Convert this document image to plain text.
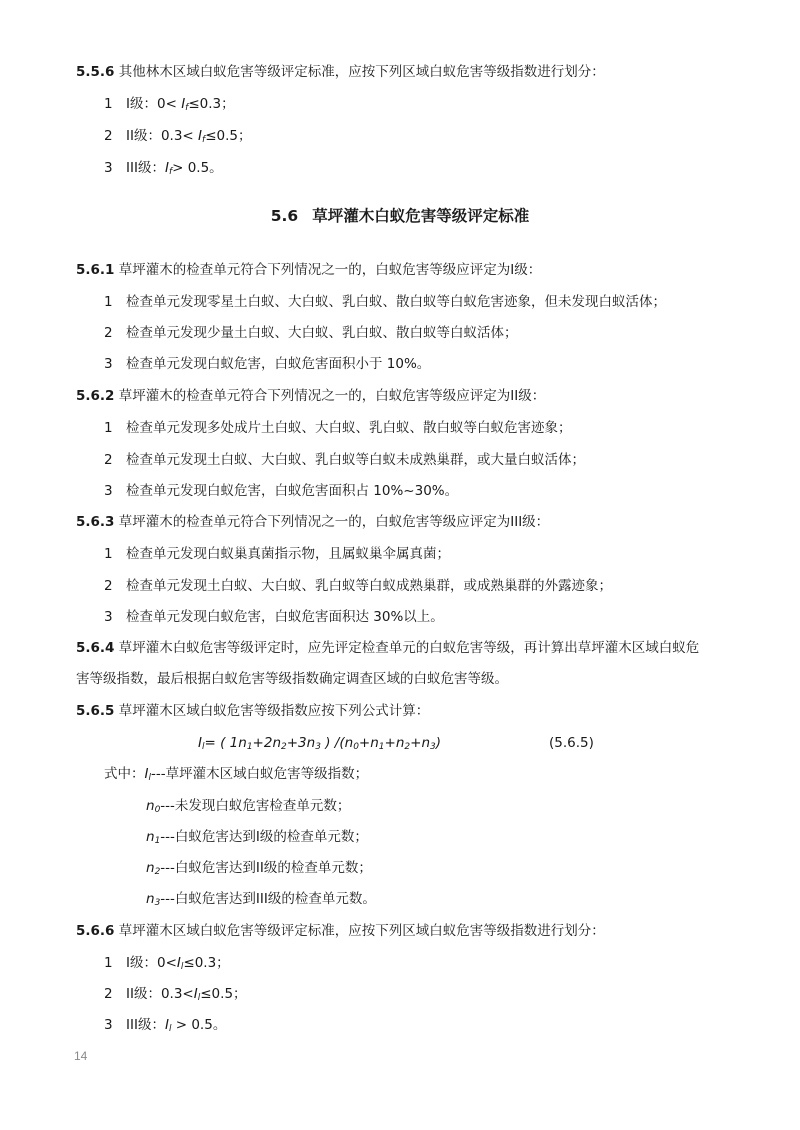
5.5.6 其他林木区域白蚁危害等级评定标准，应按下列区域白蚁危害等级指数进行划分：
1 I级：$0< I_f\le 0.3$；
2 II级：$0.3< I_f\le 0.5$；
3 III级：$I_f> 0.5$。
5.6 草坪灌木白蚁危害等级评定标准
5.6.1 草坪灌木的检查单元符合下列情况之一的，白蚁危害等级应评定为I级：
1 检查单元发现零星土白蚁、大白蚁、乳白蚁、散白蚁等白蚁危害迹象，但未发现白蚁活体；
2 检查单元发现少量土白蚁、大白蚁、乳白蚁、散白蚁等白蚁活体；
3 检查单元发现白蚁危害，白蚁危害面积小于 10%。
5.6.2 草坪灌木的检查单元符合下列情况之一的，白蚁危害等级应评定为II级：
1 检查单元发现多处成片土白蚁、大白蚁、乳白蚁、散白蚁等白蚁危害迹象；
2 检查单元发现土白蚁、大白蚁、乳白蚁等白蚁未成熟巢群，或大量白蚁活体；
3 检查单元发现白蚁危害，白蚁危害面积占 10%~30%。
5.6.3 草坪灌木的检查单元符合下列情况之一的，白蚁危害等级应评定为III级：
1 检查单元发现白蚁巢真菌指示物，且属蚁巢伞属真菌；
2 检查单元发现土白蚁、大白蚁、乳白蚁等白蚁成熟巢群，或成熟巢群的外露迹象；
3 检查单元发现白蚁危害，白蚁危害面积达 30%以上。
5.6.4 草坪灌木白蚁危害等级评定时，应先评定检查单元的白蚁危害等级，再计算出草坪灌木区域白蚁危
害等级指数，最后根据白蚁危害等级指数确定调查区域的白蚁危害等级。
5.6.5 草坪灌木区域白蚁危害等级指数应按下列公式计算：
$I_l=$ ( $1n_1+2n_2+3n_3$ ) $/(n_0+n_1+n_2+n_3)$	(5.6.5)
式中：$I_l---$草坪灌木区域白蚁危害等级指数；
$n_0---$未发现白蚁危害检查单元数；
$n_1---$白蚁危害达到I级的检查单元数；
$n_2---$白蚁危害达到II级的检查单元数；
$n_3---$白蚁危害达到III级的检查单元数。
5.6.6 草坪灌木区域白蚁危害等级评定标准，应按下列区域白蚁危害等级指数进行划分：
1 I级：$0<I_l\le 0.3$；
2 II级：$0.3<I_l\le 0.5$；
3 III级：$I_l > 0.5$。
14
